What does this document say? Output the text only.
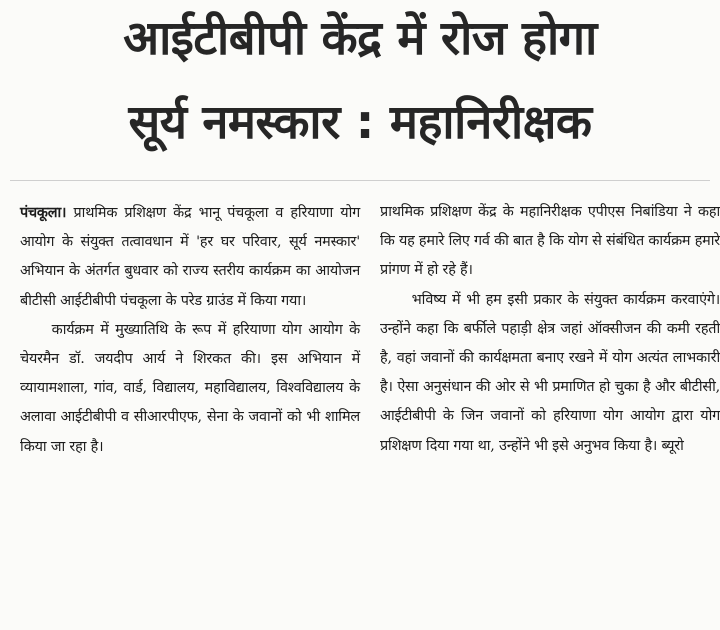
आईटीबीपी केंद्र में रोज होगा
सूर्य नमस्कार : महानिरीक्षक

पंचकूला। प्राथमिक प्रशिक्षण केंद्र भानू पंचकूला व हरियाणा योग आयोग के संयुक्त तत्वावधान में 'हर घर परिवार, सूर्य नमस्कार' अभियान के अंतर्गत बुधवार को राज्य स्तरीय कार्यक्रम का आयोजन बीटीसी आईटीबीपी पंचकूला के परेड ग्राउंड में किया गया।

कार्यक्रम में मुख्यातिथि के रूप में हरियाणा योग आयोग के चेयरमैन डॉ. जयदीप आर्य ने शिरकत की। इस अभियान में व्यायामशाला, गांव, वार्ड, विद्यालय, महाविद्यालय, विश्वविद्यालय के अलावा आईटीबीपी व सीआरपीएफ, सेना के जवानों को भी शामिल किया जा रहा है।

प्राथमिक प्रशिक्षण केंद्र के महानिरीक्षक एपीएस निबांडिया ने कहा कि यह हमारे लिए गर्व की बात है कि योग से संबंधित कार्यक्रम हमारे प्रांगण में हो रहे हैं।

भविष्य में भी हम इसी प्रकार के संयुक्त कार्यक्रम करवाएंगे। उन्होंने कहा कि बर्फीले पहाड़ी क्षेत्र जहां ऑक्सीजन की कमी रहती है, वहां जवानों की कार्यक्षमता बनाए रखने में योग अत्यंत लाभकारी है। ऐसा अनुसंधान की ओर से भी प्रमाणित हो चुका है और बीटीसी, आईटीबीपी के जिन जवानों को हरियाणा योग आयोग द्वारा योग प्रशिक्षण दिया गया था, उन्होंने भी इसे अनुभव किया है। ब्यूरो
